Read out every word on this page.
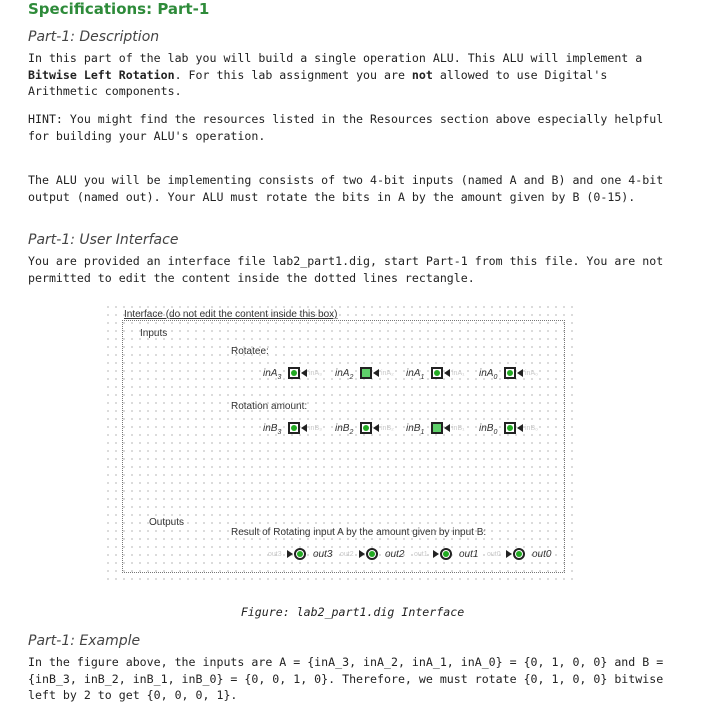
Specifications: Part-1
Part-1: Description
In this part of the lab you will build a single operation ALU. This ALU will implement a Bitwise Left Rotation. For this lab assignment you are not allowed to use Digital's Arithmetic components.
HINT: You might find the resources listed in the Resources section above especially helpful for building your ALU's operation.
The ALU you will be implementing consists of two 4-bit inputs (named A and B) and one 4-bit output (named out). Your ALU must rotate the bits in A by the amount given by B (0-15).
Part-1: User Interface
You are provided an interface file lab2_part1.dig, start Part-1 from this file. You are not permitted to edit the content inside the dotted lines rectangle.
Interface (do not edit the content inside this box)
Inputs
Rotatee:
Rotation amount:
Outputs
Result of Rotating input A by the amount given by input B:
inA$_3$
inA₃ inA$_2$
inA₂ inA$_1$
inA₁ inA$_0$
inA₀
inB$_3$
inB₃ inB$_2$
inB₂ inB$_1$
inB₁ inB$_0$
inB₀
out3	out3 out2	out2 out1	out1 out0	out0
Figure: lab2_part1.dig Interface
Part-1: Example
In the figure above, the inputs are A = {inA_3, inA_2, inA_1, inA_0} = {0, 1, 0, 0} and B = {inB_3, inB_2, inB_1, inB_0} = {0, 0, 1, 0}. Therefore, we must rotate {0, 1, 0, 0} bitwise left by 2 to get {0, 0, 0, 1}.
